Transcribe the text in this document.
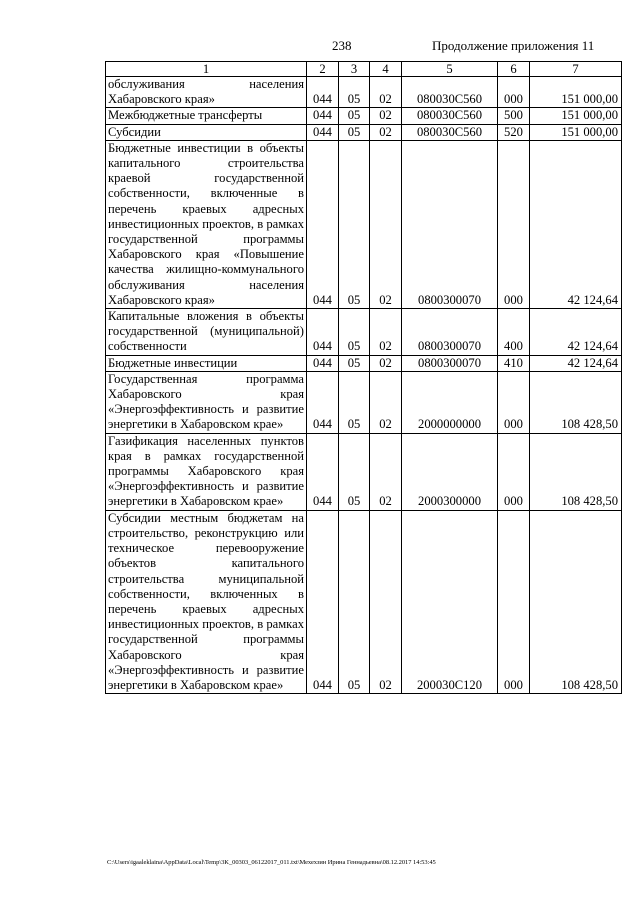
238	Продолжение приложения 11
1	2	3	4	5	6	7
обслуживания населения Хабаровского края»	044	05	02	080030С560	000	151 000,00
Межбюджетные трансферты	044	05	02	080030С560	500	151 000,00
Субсидии	044	05	02	080030С560	520	151 000,00
Бюджетные инвестиции в объекты капитального строительства краевой государственной собственности, включенные в перечень краевых адресных инвестиционных проектов, в рамках государственной программы Хабаровского края «Повышение качества жилищно-коммунального обслуживания населения Хабаровского края»	044	05	02	0800300070	000	42 124,64
Капитальные вложения в объекты государственной (муниципальной) собственности	044	05	02	0800300070	400	42 124,64
Бюджетные инвестиции	044	05	02	0800300070	410	42 124,64
Государственная программа Хабаровского края «Энергоэффективность и развитие энергетики в Хабаровском крае»	044	05	02	2000000000	000	108 428,50
Газификация населенных пунктов края в рамках государственной программы Хабаровского края «Энергоэффективность и развитие энергетики в Хабаровском крае»	044	05	02	2000300000	000	108 428,50
Субсидии местным бюджетам на строительство, реконструкцию или техническое перевооружение объектов капитального строительства муниципальной собственности, включенных в перечень краевых адресных инвестиционных проектов, в рамках государственной программы Хабаровского края «Энергоэффективность и развитие энергетики в Хабаровском крае»	044	05	02	200030С120	000	108 428,50
C:\Users\igaaleklaina\AppData\Local\Temp\3K_00303_06122017_011.txt\Мехехзин Ирина Геннадьевна\08.12.2017 14:53:45
